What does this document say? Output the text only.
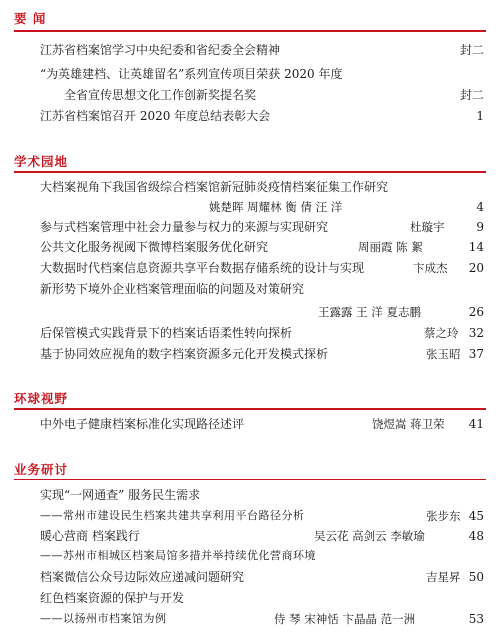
要 闻
江苏省档案馆学习中央纪委和省纪委全会精神	封二
“为英雄建档、让英雄留名”系列宣传项目荣获 2020 年度
全省宣传思想文化工作创新奖提名奖	封二
江苏省档案馆召开 2020 年度总结表彰大会	1
学术园地
大档案视角下我国省级综合档案馆新冠肺炎疫情档案征集工作研究
姚楚晖 周耀林 衡 倩 汪 洋	4
参与式档案管理中社会力量参与权力的来源与实现研究	杜璇宇	9
公共文化服务视阈下微博档案服务优化研究	周丽霞 陈 絮	14
大数据时代档案信息资源共享平台数据存储系统的设计与实现	卞成杰 20
新形势下境外企业档案管理面临的问题及对策研究
王露露 王 洋 夏志鹏	26
后保管模式实践背景下的档案话语柔性转向探析	蔡之玲 32
基于协同效应视角的数字档案资源多元化开发模式探析	张玉昭 37
环球视野
中外电子健康档案标准化实现路径述评	饶煜嵩 蒋卫荣 41
业务研讨
实现“一网通查” 服务民生需求
——常州市建设民生档案共建共享利用平台路径分析	张步东 45
暖心营商 档案践行	吴云花 高剑云 李敏瑜	48
——苏州市相城区档案局馆多措并举持续优化营商环境
档案微信公众号边际效应递减问题研究	吉星昇 50
红色档案资源的保护与开发
——以扬州市档案馆为例	侍 琴 宋神恬 卞晶晶 范一洲	53
